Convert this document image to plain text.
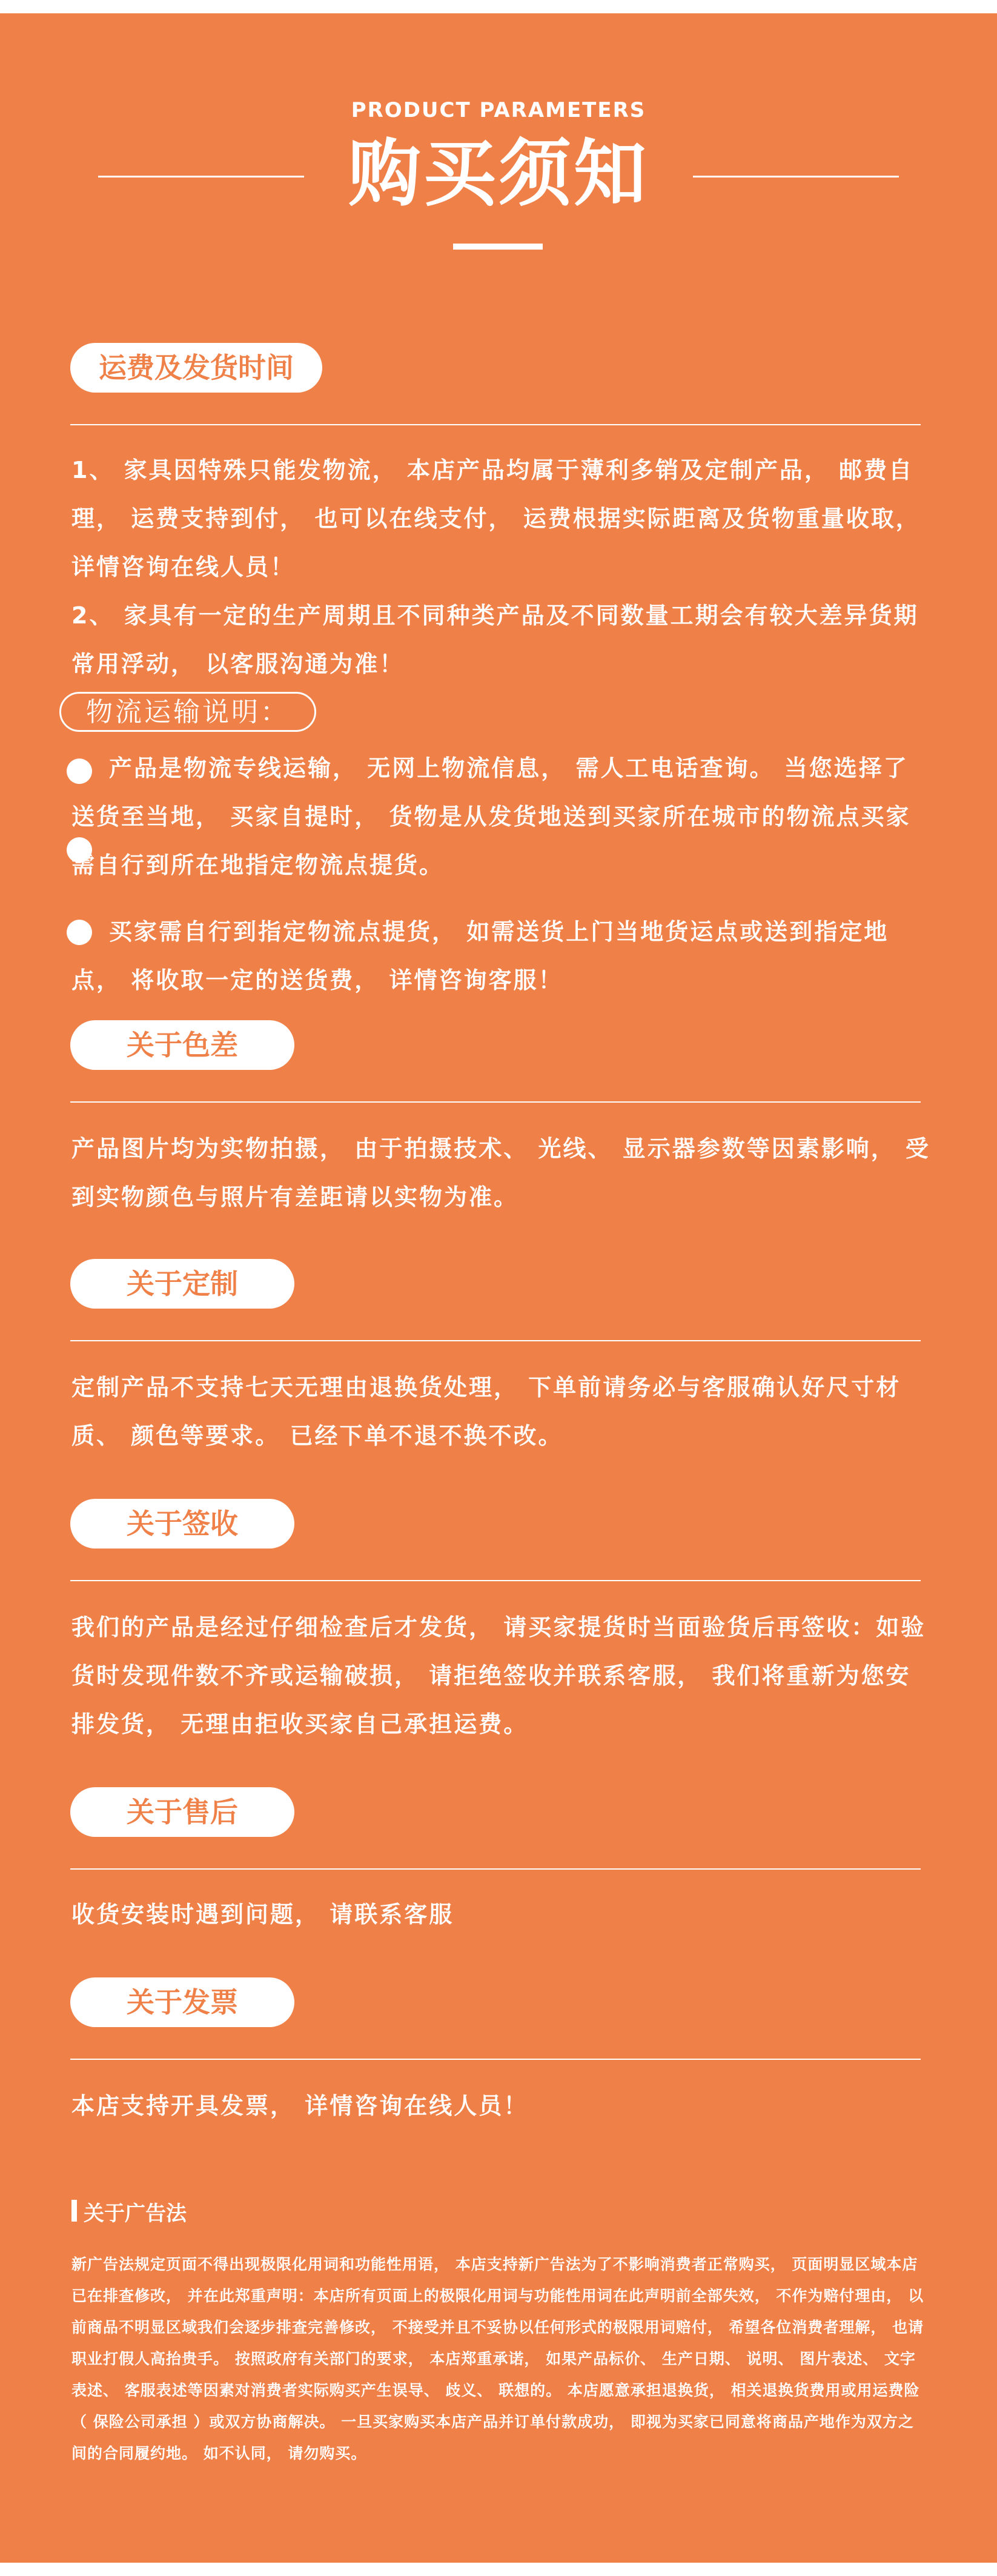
PRODUCT PARAMETERS
购买须知
运费及发货时间
1、 家具因特殊只能发物流， 本店产品均属于薄利多销及定制产品， 邮费自理， 运费支持到付， 也可以在线支付， 运费根据实际距离及货物重量收取， 详情咨询在线人员！
2、 家具有一定的生产周期且不同种类产品及不同数量工期会有较大差异货期常用浮动， 以客服沟通为准！
物流运输说明：
产品是物流专线运输， 无网上物流信息， 需人工电话查询。 当您选择了送货至当地， 买家自提时， 货物是从发货地送到买家所在城市的物流点买家需自行到所在地指定物流点提货。
买家需自行到指定物流点提货， 如需送货上门当地货运点或送到指定地点， 将收取一定的送货费， 详情咨询客服！
关于色差
产品图片均为实物拍摄， 由于拍摄技术、 光线、 显示器参数等因素影响， 受到实物颜色与照片有差距请以实物为准。
关于定制
定制产品不支持七天无理由退换货处理， 下单前请务必与客服确认好尺寸材质、 颜色等要求。 已经下单不退不换不改。
关于签收
我们的产品是经过仔细检查后才发货， 请买家提货时当面验货后再签收：如验货时发现件数不齐或运输破损， 请拒绝签收并联系客服， 我们将重新为您安排发货， 无理由拒收买家自己承担运费。
关于售后
收货安装时遇到问题， 请联系客服
关于发票
本店支持开具发票， 详情咨询在线人员！
关于广告法
新广告法规定页面不得出现极限化用词和功能性用语， 本店支持新广告法为了不影响消费者正常购买， 页面明显区域本店已在排查修改， 并在此郑重声明：本店所有页面上的极限化用词与功能性用词在此声明前全部失效， 不作为赔付理由， 以前商品不明显区域我们会逐步排查完善修改， 不接受并且不妥协以任何形式的极限用词赔付， 希望各位消费者理解， 也请职业打假人高抬贵手。 按照政府有关部门的要求， 本店郑重承诺， 如果产品标价、 生产日期、 说明、 图片表述、 文字表述、 客服表述等因素对消费者实际购买产生误导、 歧义、 联想的。 本店愿意承担退换货， 相关退换货费用或用运费险（ 保险公司承担 ）或双方协商解决。 一旦买家购买本店产品并订单付款成功， 即视为买家已同意将商品产地作为双方之间的合同履约地。 如不认同， 请勿购买。
